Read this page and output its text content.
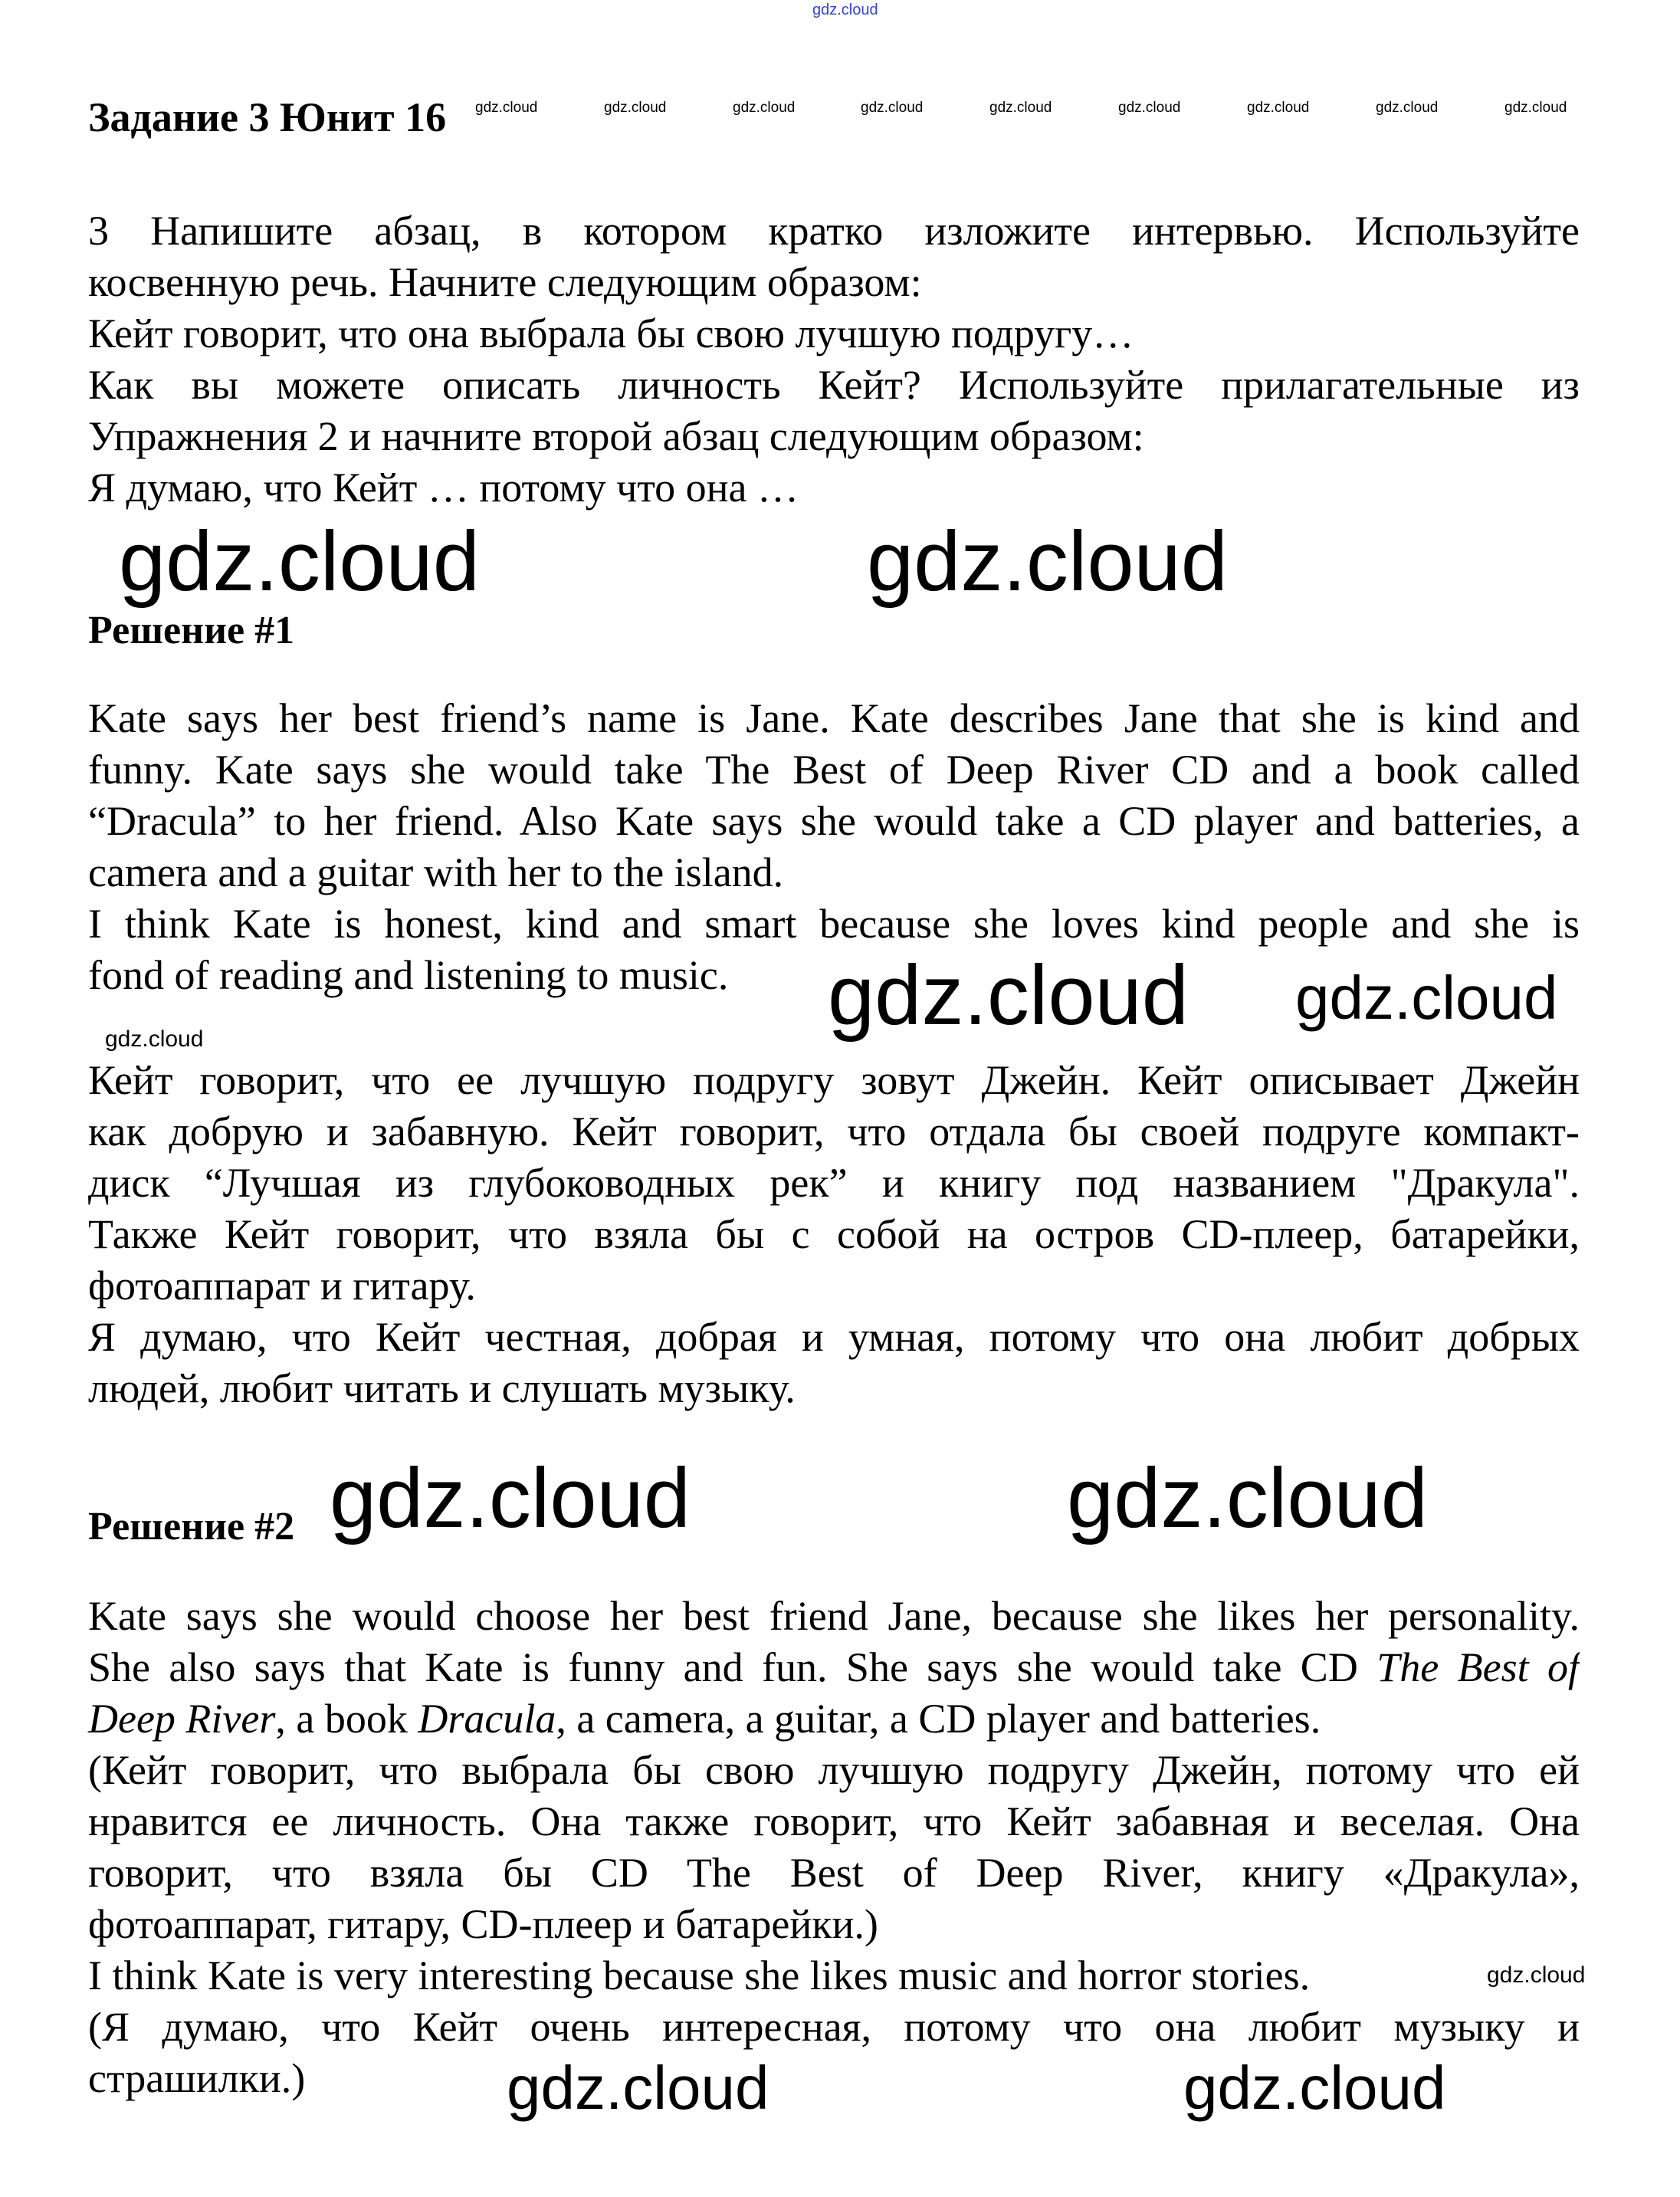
gdz.cloud
Задание 3 Юнит 16 gdz.cloud	gdz.cloud	gdz.cloud	gdz.cloud	gdz.cloud	gdz.cloud	gdz.cloud	gdz.cloud	gdz.cloud
3 Напишите абзац, в котором кратко изложите интервью. Используйте
косвенную речь. Начните следующим образом:
Кейт говорит, что она выбрала бы свою лучшую подругу…
Как вы можете описать личность Кейт? Используйте прилагательные из
Упражнения 2 и начните второй абзац следующим образом:
Я думаю, что Кейт … потому что она …
gdz.cloud	gdz.cloud
Решение #1
Kate says her best friend’s name is Jane. Kate describes Jane that she is kind and
funny. Kate says she would take The Best of Deep River CD and a book called
“Dracula” to her friend. Also Kate says she would take a CD player and batteries, a
camera and a guitar with her to the island.
I think Kate is honest, kind and smart because she loves kind people and she is
fond of reading and listening to music.	gdz.cloud gdz.cloud
gdz.cloud
Кейт говорит, что ее лучшую подругу зовут Джейн. Кейт описывает Джейн
как добрую и забавную. Кейт говорит, что отдала бы своей подруге компакт-
диск “Лучшая из глубоководных рек” и книгу под названием "Дракула".
Также Кейт говорит, что взяла бы с собой на остров CD-плеер, батарейки,
фотоаппарат и гитару.
Я думаю, что Кейт честная, добрая и умная, потому что она любит добрых
людей, любит читать и слушать музыку.
Решение #2 gdz.cloud	gdz.cloud
Kate says she would choose her best friend Jane, because she likes her personality.
She also says that Kate is funny and fun. She says she would take CD The Best of
Deep River, a book Dracula, a camera, a guitar, a CD player and batteries.
(Кейт говорит, что выбрала бы свою лучшую подругу Джейн, потому что ей
нравится ее личность. Она также говорит, что Кейт забавная и веселая. Она
говорит, что взяла бы CD The Best of Deep River, книгу «Дракула»,
фотоаппарат, гитару, CD-плеер и батарейки.)
I think Kate is very interesting because she likes music and horror stories.
(Я думаю, что Кейт очень интересная, потому что она любит музыку и
страшилки.)
gdz.cloud
gdz.cloud	gdz.cloud
